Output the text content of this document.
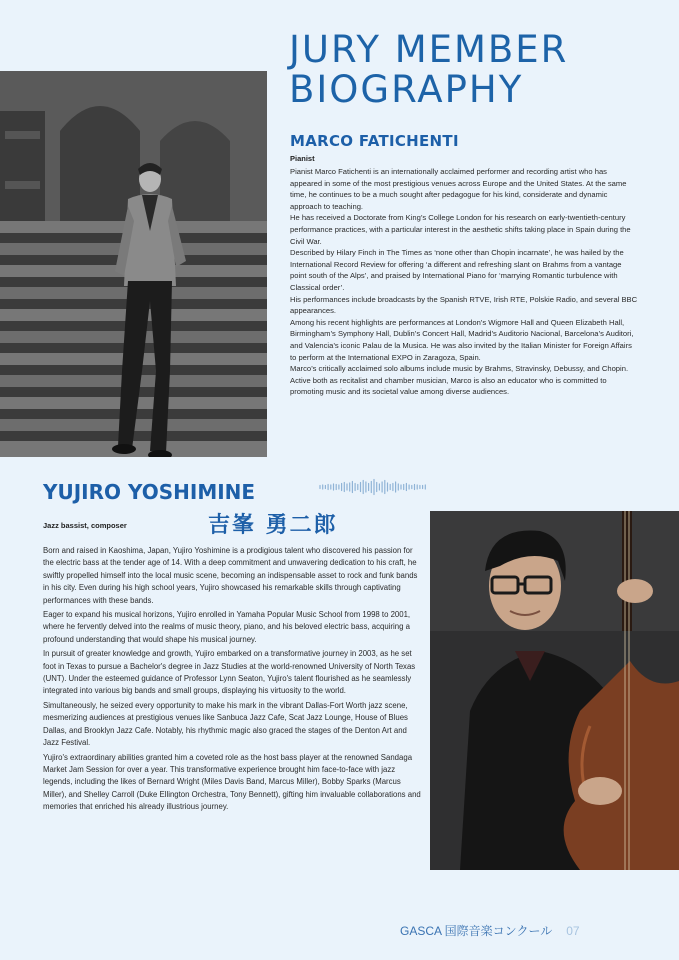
JURY MEMBER
BIOGRAPHY
MARCO FATICHENTI
Pianist

Pianist Marco Fatichenti is an internationally acclaimed performer and recording artist who has appeared in some of the most prestigious venues across Europe and the United States. At the same time, he continues to be a much sought after pedagogue for his kind, considerate and dynamic approach to teaching.

He has received a Doctorate from King’s College London for his research on early-twentieth-century performance practices, with a particular interest in the aesthetic shifts taking place in Spain during the Civil War.

Described by Hilary Finch in The Times as ‘none other than Chopin incarnate’, he was hailed by the International Record Review for offering ‘a different and refreshing slant on Brahms from a vantage point south of the Alps’, and praised by International Piano for ‘marrying Romantic turbulence with Classical order’.

His performances include broadcasts by the Spanish RTVE, Irish RTE, Polskie Radio, and several BBC appearances.

Among his recent highlights are performances at London’s Wigmore Hall and Queen Elizabeth Hall, Birmingham’s Symphony Hall, Dublin’s Concert Hall, Madrid’s Auditorio Nacional, Barcelona’s Auditori, and Valencia’s iconic Palau de la Musica. He was also invited by the Italian Minister for Foreign Affairs to perform at the International EXPO in Zaragoza, Spain.

Marco’s critically acclaimed solo albums include music by Brahms, Stravinsky, Debussy, and Chopin.

Active both as recitalist and chamber musician, Marco is also an educator who is committed to promoting music and its societal value among diverse audiences.

YUJIRO YOSHIMINE
吉峯 勇二郎
Jazz bassist, composer

Born and raised in Kaoshima, Japan, Yujiro Yoshimine is a prodigious talent who discovered his passion for the electric bass at the tender age of 14. With a deep commitment and unwavering dedication to his craft, he swiftly propelled himself into the local music scene, becoming an indispensable asset to rock and funk bands in his city. Even during his high school years, Yujiro showcased his remarkable skills through captivating performances with these bands.

Eager to expand his musical horizons, Yujiro enrolled in Yamaha Popular Music School from 1998 to 2001, where he fervently delved into the realms of music theory, piano, and his beloved electric bass, acquiring a profound understanding that would shape his musical journey.

In pursuit of greater knowledge and growth, Yujiro embarked on a transformative journey in 2003, as he set foot in Texas to pursue a Bachelor's degree in Jazz Studies at the world-renowned University of North Texas (UNT). Under the esteemed guidance of Professor Lynn Seaton, Yujiro's talent flourished as he seamlessly integrated into various big bands and small groups, displaying his virtuosity to the world.

Simultaneously, he seized every opportunity to make his mark in the vibrant Dallas-Fort Worth jazz scene, mesmerizing audiences at prestigious venues like Sanbuca Jazz Cafe, Scat Jazz Lounge, House of Blues Dallas, and Brooklyn Jazz Cafe. Notably, his rhythmic magic also graced the stages of the Denton Art and Jazz Festival.

Yujiro's extraordinary abilities granted him a coveted role as the host bass player at the renowned Sandaga Market Jam Session for over a year. This transformative experience brought him face-to-face with jazz legends, including the likes of Bernard Wright (Miles Davis Band, Marcus Miller), Bobby Sparks (Marcus Miller), and Shelley Carroll (Duke Ellington Orchestra, Tony Bennett), gifting him invaluable collaborations and memories that enriched his already illustrious journey.

GASCA 国際音楽コンクール 07
